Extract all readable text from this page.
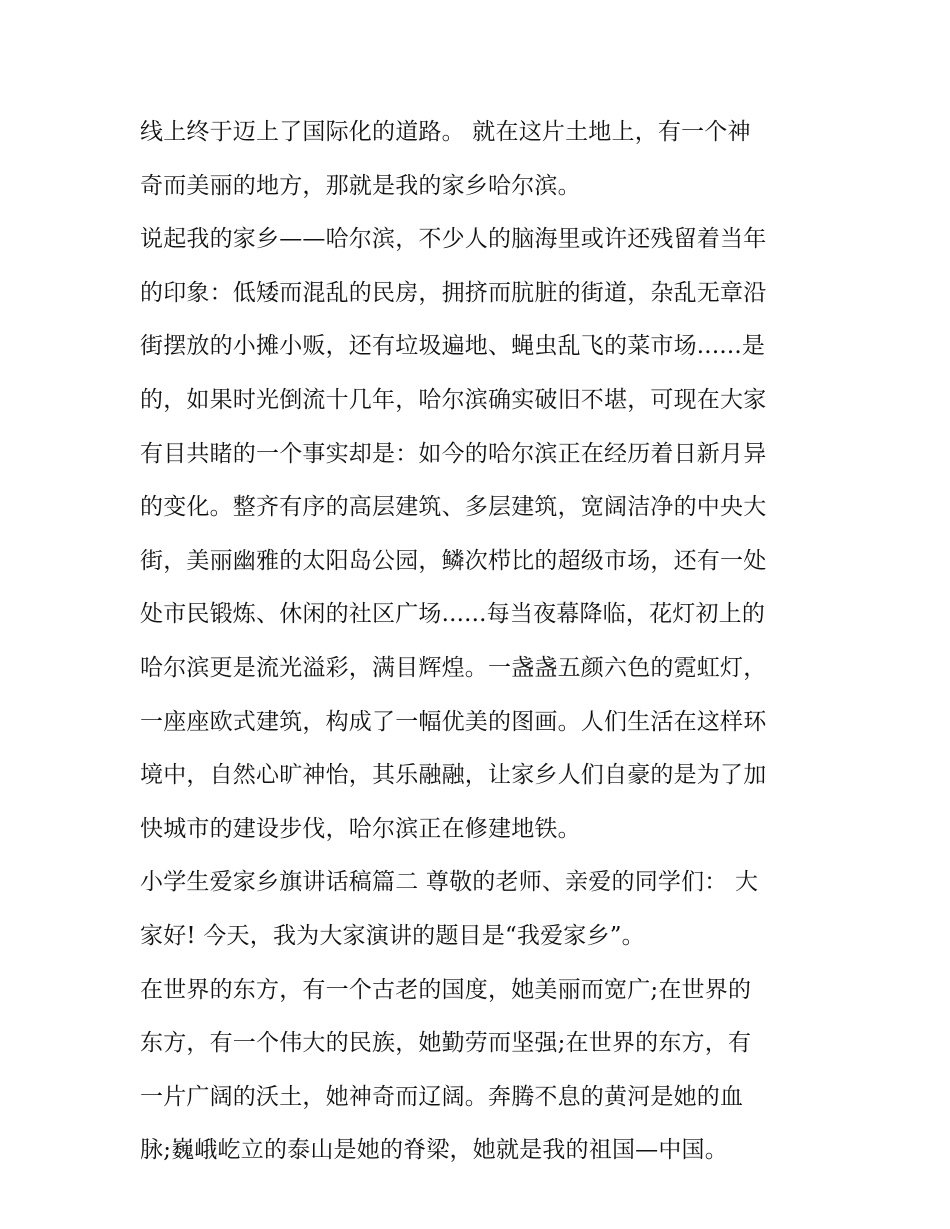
线上终于迈上了国际化的道路。 就在这片土地上，有一个神
奇而美丽的地方，那就是我的家乡哈尔滨。
说起我的家乡——哈尔滨，不少人的脑海里或许还残留着当年
的印象：低矮而混乱的民房，拥挤而肮脏的街道，杂乱无章沿
街摆放的小摊小贩，还有垃圾遍地、蝇虫乱飞的菜市场......是
的，如果时光倒流十几年，哈尔滨确实破旧不堪，可现在大家
有目共睹的一个事实却是：如今的哈尔滨正在经历着日新月异
的变化。整齐有序的高层建筑、多层建筑，宽阔洁净的中央大
街，美丽幽雅的太阳岛公园，鳞次栉比的超级市场，还有一处
处市民锻炼、休闲的社区广场......每当夜幕降临，花灯初上的
哈尔滨更是流光溢彩，满目辉煌。一盏盏五颜六色的霓虹灯，
一座座欧式建筑，构成了一幅优美的图画。人们生活在这样环
境中，自然心旷神怡，其乐融融，让家乡人们自豪的是为了加
快城市的建设步伐，哈尔滨正在修建地铁。
小学生爱家乡旗讲话稿篇二 尊敬的老师、亲爱的同学们： 大
家好! 今天，我为大家演讲的题目是“我爱家乡”。
在世界的东方，有一个古老的国度，她美丽而宽广;在世界的
东方，有一个伟大的民族，她勤劳而坚强;在世界的东方，有
一片广阔的沃土，她神奇而辽阔。奔腾不息的黄河是她的血
脉;巍峨屹立的泰山是她的脊梁，她就是我的祖国—中国。
